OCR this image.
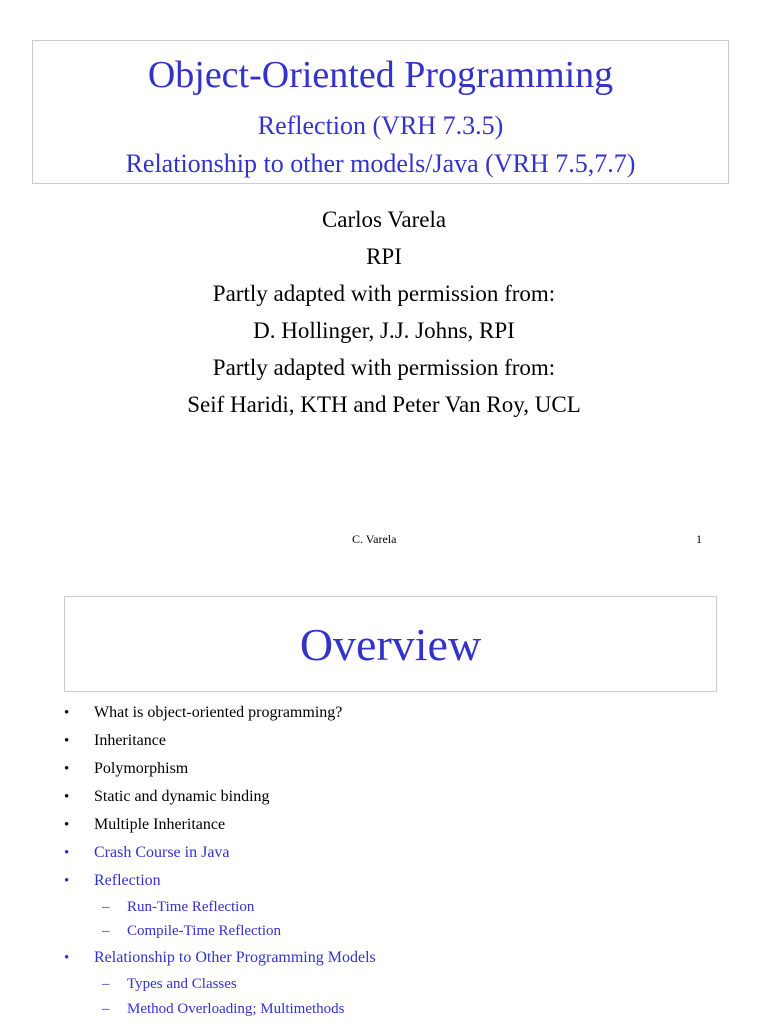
Object-Oriented Programming
Reflection (VRH 7.3.5)
Relationship to other models/Java (VRH 7.5,7.7)
Carlos Varela
RPI
Partly adapted with permission from:
D. Hollinger, J.J. Johns, RPI
Partly adapted with permission from:
Seif Haridi, KTH and Peter Van Roy, UCL
C. Varela	1
Overview
• What is object-oriented programming?
• Inheritance
• Polymorphism
• Static and dynamic binding
• Multiple Inheritance
• Crash Course in Java
• Reflection
– Run-Time Reflection
– Compile-Time Reflection
• Relationship to Other Programming Models
– Types and Classes
– Method Overloading; Multimethods
